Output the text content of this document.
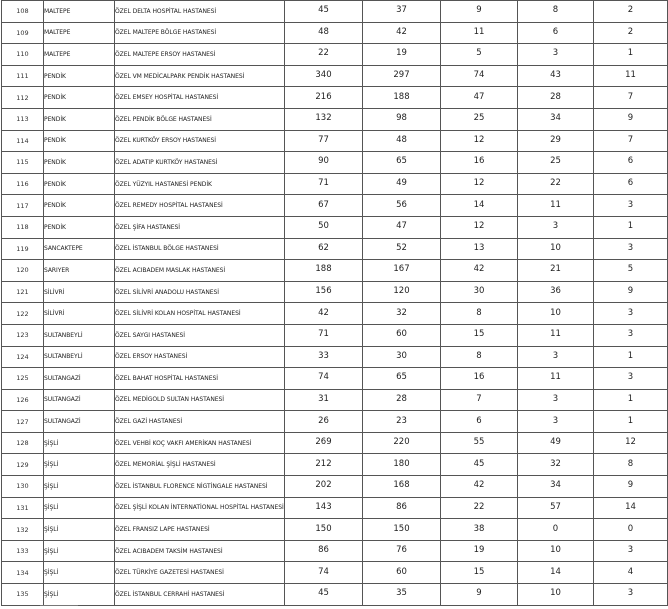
108	MALTEPE	ÖZEL DELTA HOSPİTAL HASTANESİ	45	37	9	8	2
109	MALTEPE	ÖZEL MALTEPE BÖLGE HASTANESİ	48	42	11	6	2
110	MALTEPE	ÖZEL MALTEPE ERSOY HASTANESİ	22	19	5	3	1
111	PENDİK	ÖZEL VM MEDİCALPARK PENDİK HASTANESİ	340	297	74	43	11
112	PENDİK	ÖZEL EMSEY HOSPİTAL HASTANESİ	216	188	47	28	7
113	PENDİK	ÖZEL PENDİK BÖLGE HASTANESİ	132	98	25	34	9
114	PENDİK	ÖZEL KURTKÖY ERSOY HASTANESİ	77	48	12	29	7
115	PENDİK	ÖZEL ADATIP KURTKÖY HASTANESİ	90	65	16	25	6
116	PENDİK	ÖZEL YÜZYIL HASTANESİ PENDİK	71	49	12	22	6
117	PENDİK	ÖZEL REMEDY HOSPİTAL HASTANESİ	67	56	14	11	3
118	PENDİK	ÖZEL ŞİFA HASTANESİ	50	47	12	3	1
119	SANCAKTEPE	ÖZEL İSTANBUL BÖLGE HASTANESİ	62	52	13	10	3
120	SARIYER	ÖZEL ACIBADEM MASLAK HASTANESİ	188	167	42	21	5
121	SİLİVRİ	ÖZEL SİLİVRİ ANADOLU HASTANESİ	156	120	30	36	9
122	SİLİVRİ	ÖZEL SİLİVRİ KOLAN HOSPİTAL HASTANESİ	42	32	8	10	3
123	SULTANBEYLİ	ÖZEL SAYGI HASTANESİ	71	60	15	11	3
124	SULTANBEYLİ	ÖZEL ERSOY HASTANESİ	33	30	8	3	1
125	SULTANGAZİ	ÖZEL BAHAT HOSPİTAL HASTANESİ	74	65	16	11	3
126	SULTANGAZİ	ÖZEL MEDİGOLD SULTAN HASTANESİ	31	28	7	3	1
127	SULTANGAZİ	ÖZEL GAZİ HASTANESİ	26	23	6	3	1
128	ŞİŞLİ	ÖZEL VEHBİ KOÇ VAKFI AMERİKAN HASTANESİ	269	220	55	49	12
129	ŞİŞLİ	ÖZEL MEMORİAL ŞİŞLİ HASTANESİ	212	180	45	32	8
130	ŞİŞLİ	ÖZEL İSTANBUL FLORENCE NİGTİNGALE HASTANESİ	202	168	42	34	9
131	ŞİŞLİ	ÖZEL ŞİŞLİ KOLAN İNTERNATİONAL HOSPİTAL HASTANESİ	143	86	22	57	14
132	ŞİŞLİ	ÖZEL FRANSIZ LAPE HASTANESİ	150	150	38	0	0
133	ŞİŞLİ	ÖZEL ACIBADEM TAKSİM HASTANESİ	86	76	19	10	3
134	ŞİŞLİ	ÖZEL TÜRKİYE GAZETESİ HASTANESİ	74	60	15	14	4
135	ŞİŞLİ	ÖZEL İSTANBUL CERRAHİ HASTANESİ	45	35	9	10	3
